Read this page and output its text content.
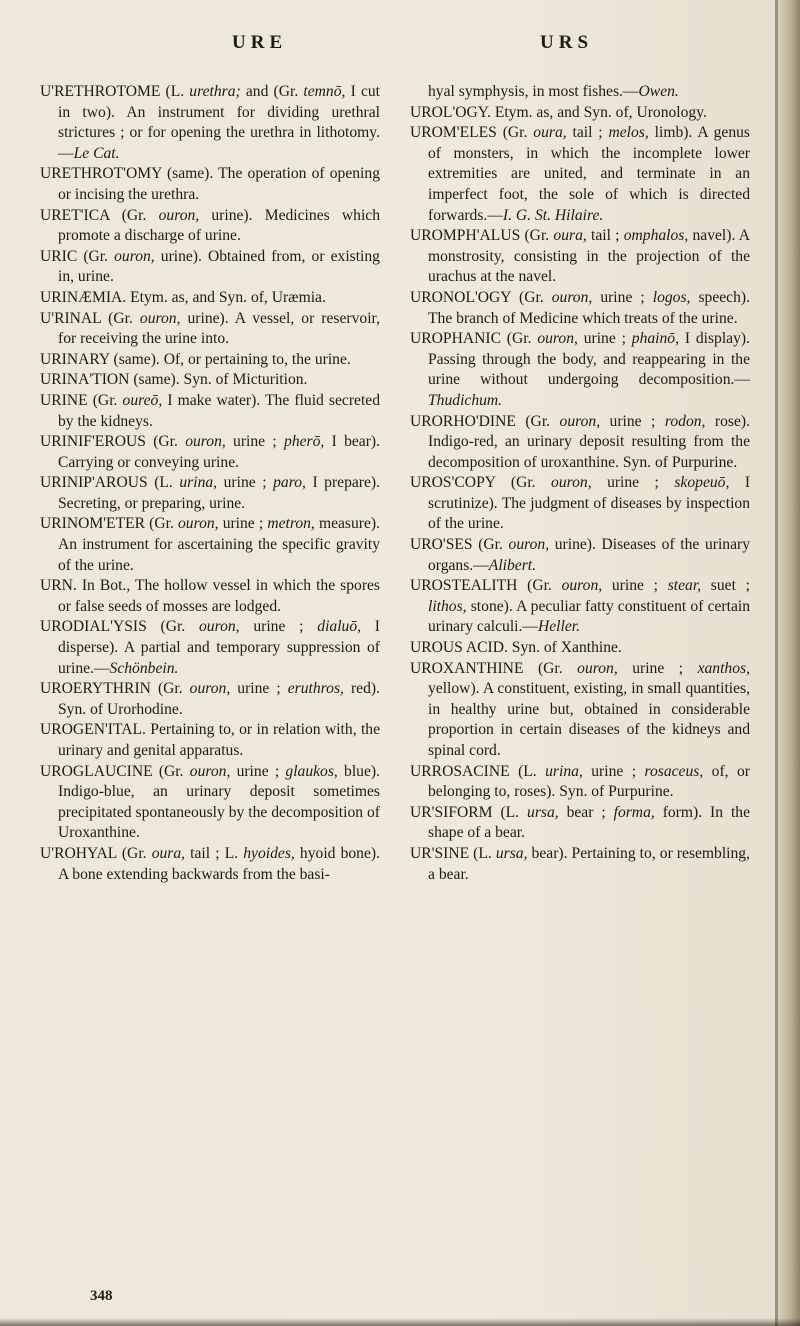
URE	URS

U'RETHROTOME (L. urethra; and (Gr. temnō, I cut in two). An instrument for dividing urethral strictures ; or for opening the urethra in lithotomy.—Le Cat.

URETHROT'OMY (same). The operation of opening or incising the urethra.

URET'ICA (Gr. ouron, urine). Medicines which promote a discharge of urine.

URIC (Gr. ouron, urine). Obtained from, or existing in, urine.

URINÆMIA. Etym. as, and Syn. of, Uræmia.

U'RINAL (Gr. ouron, urine). A vessel, or reservoir, for receiving the urine into.

URINARY (same). Of, or pertaining to, the urine.

URINA'TION (same). Syn. of Micturition.

URINE (Gr. oureō, I make water). The fluid secreted by the kidneys.

URINIF'EROUS (Gr. ouron, urine ; pherō, I bear). Carrying or conveying urine.

URINIP'AROUS (L. urina, urine ; paro, I prepare). Secreting, or preparing, urine.

URINOM'ETER (Gr. ouron, urine ; metron, measure). An instrument for ascertaining the specific gravity of the urine.

URN. In Bot., The hollow vessel in which the spores or false seeds of mosses are lodged.

URODIAL'YSIS (Gr. ouron, urine ; dialuō, I disperse). A partial and temporary suppression of urine.—Schönbein.

UROERYTHRIN (Gr. ouron, urine ; eruthros, red). Syn. of Urorhodine.

UROGEN'ITAL. Pertaining to, or in relation with, the urinary and genital apparatus.

UROGLAUCINE (Gr. ouron, urine ; glaukos, blue). Indigo-blue, an urinary deposit sometimes precipitated spontaneously by the decomposition of Uroxanthine.

U'ROHYAL (Gr. oura, tail ; L. hyoides, hyoid bone). A bone extending backwards from the basi-

hyal symphysis, in most fishes.—Owen.

UROL'OGY. Etym. as, and Syn. of, Uronology.

UROM'ELES (Gr. oura, tail ; melos, limb). A genus of monsters, in which the incomplete lower extremities are united, and terminate in an imperfect foot, the sole of which is directed forwards.—I. G. St. Hilaire.

UROMPH'ALUS (Gr. oura, tail ; omphalos, navel). A monstrosity, consisting in the projection of the urachus at the navel.

URONOL'OGY (Gr. ouron, urine ; logos, speech). The branch of Medicine which treats of the urine.

UROPHANIC (Gr. ouron, urine ; phainō, I display). Passing through the body, and reappearing in the urine without undergoing decomposition.—Thudichum.

URORHO'DINE (Gr. ouron, urine ; rodon, rose). Indigo-red, an urinary deposit resulting from the decomposition of uroxanthine. Syn. of Purpurine.

UROS'COPY (Gr. ouron, urine ; skopeuō, I scrutinize). The judgment of diseases by inspection of the urine.

URO'SES (Gr. ouron, urine). Diseases of the urinary organs.—Alibert.

UROSTEALITH (Gr. ouron, urine ; stear, suet ; lithos, stone). A peculiar fatty constituent of certain urinary calculi.—Heller.

UROUS ACID. Syn. of Xanthine.

UROXANTHINE (Gr. ouron, urine ; xanthos, yellow). A constituent, existing, in small quantities, in healthy urine but, obtained in considerable proportion in certain diseases of the kidneys and spinal cord.

URROSACINE (L. urina, urine ; rosaceus, of, or belonging to, roses). Syn. of Purpurine.

UR'SIFORM (L. ursa, bear ; forma, form). In the shape of a bear.

UR'SINE (L. ursa, bear). Pertaining to, or resembling, a bear.

348
